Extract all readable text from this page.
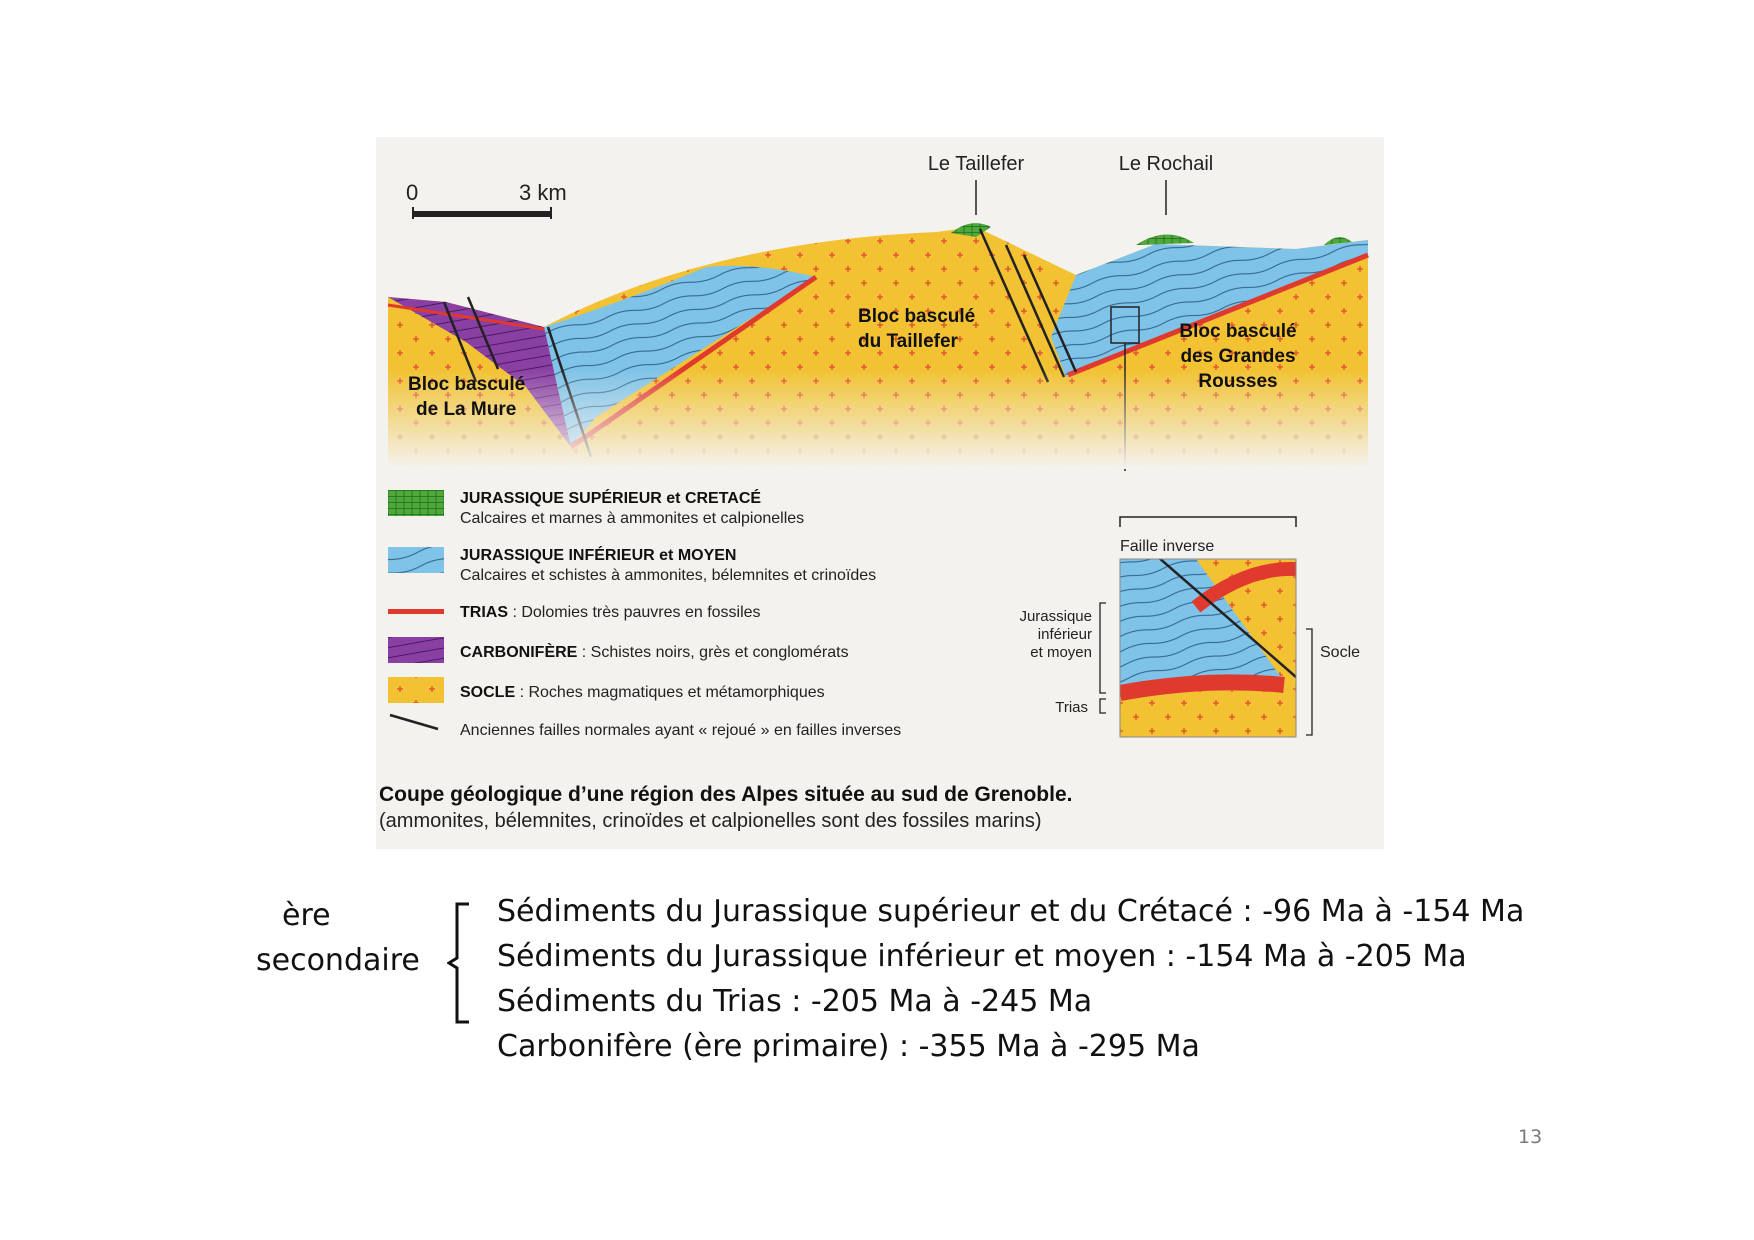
0	3 km
Le Taillefer	Le Rochail
Bloc basculé
de La Mure
Bloc basculé
du Taillefer	Bloc basculé
des Grandes
Rousses
JURASSIQUE SUPÉRIEUR et CRETACÉ
Calcaires et marnes à ammonites et calpionelles
JURASSIQUE INFÉRIEUR et MOYEN
Calcaires et schistes à ammonites, bélemnites et crinoïdes
TRIAS : Dolomies très pauvres en fossiles
CARBONIFÈRE : Schistes noirs, grès et conglomérats
SOCLE : Roches magmatiques et métamorphiques
Anciennes failles normales ayant « rejoué » en failles inverses
Faille inverse
Jurassique
inférieur
et moyen
Trias
Socle
Coupe géologique d’une région des Alpes située au sud de Grenoble.
(ammonites, bélemnites, crinoïdes et calpionelles sont des fossiles marins)
ère
secondaire
Sédiments du Jurassique supérieur et du Crétacé : -96 Ma à -154 Ma
Sédiments du Jurassique inférieur et moyen : -154 Ma à -205 Ma
Sédiments du Trias : -205 Ma à -245 Ma
Carbonifère (ère primaire) : -355 Ma à -295 Ma
13
